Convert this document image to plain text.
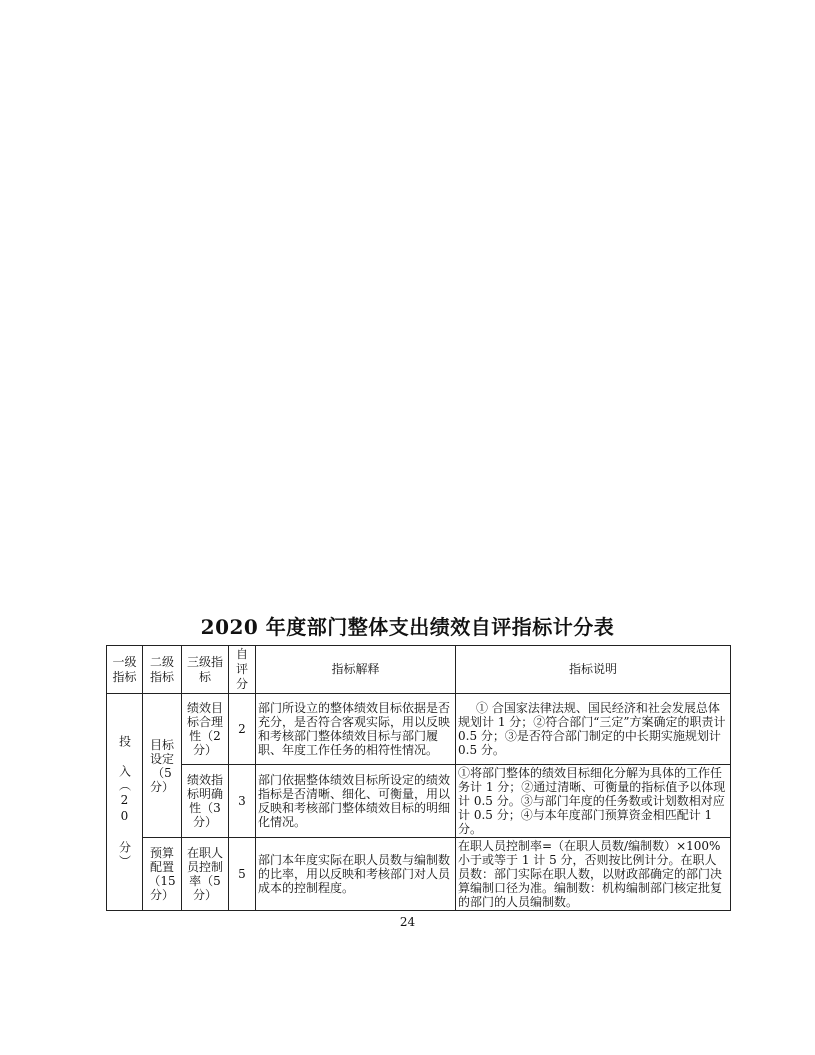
2020 年度部门整体支出绩效自评指标计分表
一级指标	二级指标	三级指标	自评分	指标解释	指标说明

投 入（20 分）	目标设定（5 分）	绩效目标合理性（2 分）	2	部门所设立的整体绩效目标依据是否充分，是否符合客观实际，用以反映和考核部门整体绩效目标与部门履职、年度工作任务的相符性情况。	① 合国家法律法规、国民经济和社会发展总体规划计 1 分；②符合部门“三定”方案确定的职责计 0.5 分；③是否符合部门制定的中长期实施规划计 0.5 分。
		绩效指标明确性（3 分）	3	部门依据整体绩效目标所设定的绩效指标是否清晰、细化、可衡量，用以反映和考核部门整体绩效目标的明细化情况。	①将部门整体的绩效目标细化分解为具体的工作任务计 1 分；②通过清晰、可衡量的指标值予以体现计 0.5 分。③与部门年度的任务数或计划数相对应计 0.5 分；④与本年度部门预算资金相匹配计 1 分。
	预算配置（15 分）	在职人员控制率（5 分）	5	部门本年度实际在职人员数与编制数的比率，用以反映和考核部门对人员成本的控制程度。	在职人员控制率=（在职人员数/编制数）×100%小于或等于 1 计 5 分，否则按比例计分。在职人员数：部门实际在职人数，以财政部确定的部门决算编制口径为准。编制数：机构编制部门核定批复的部门的人员编制数。
24
